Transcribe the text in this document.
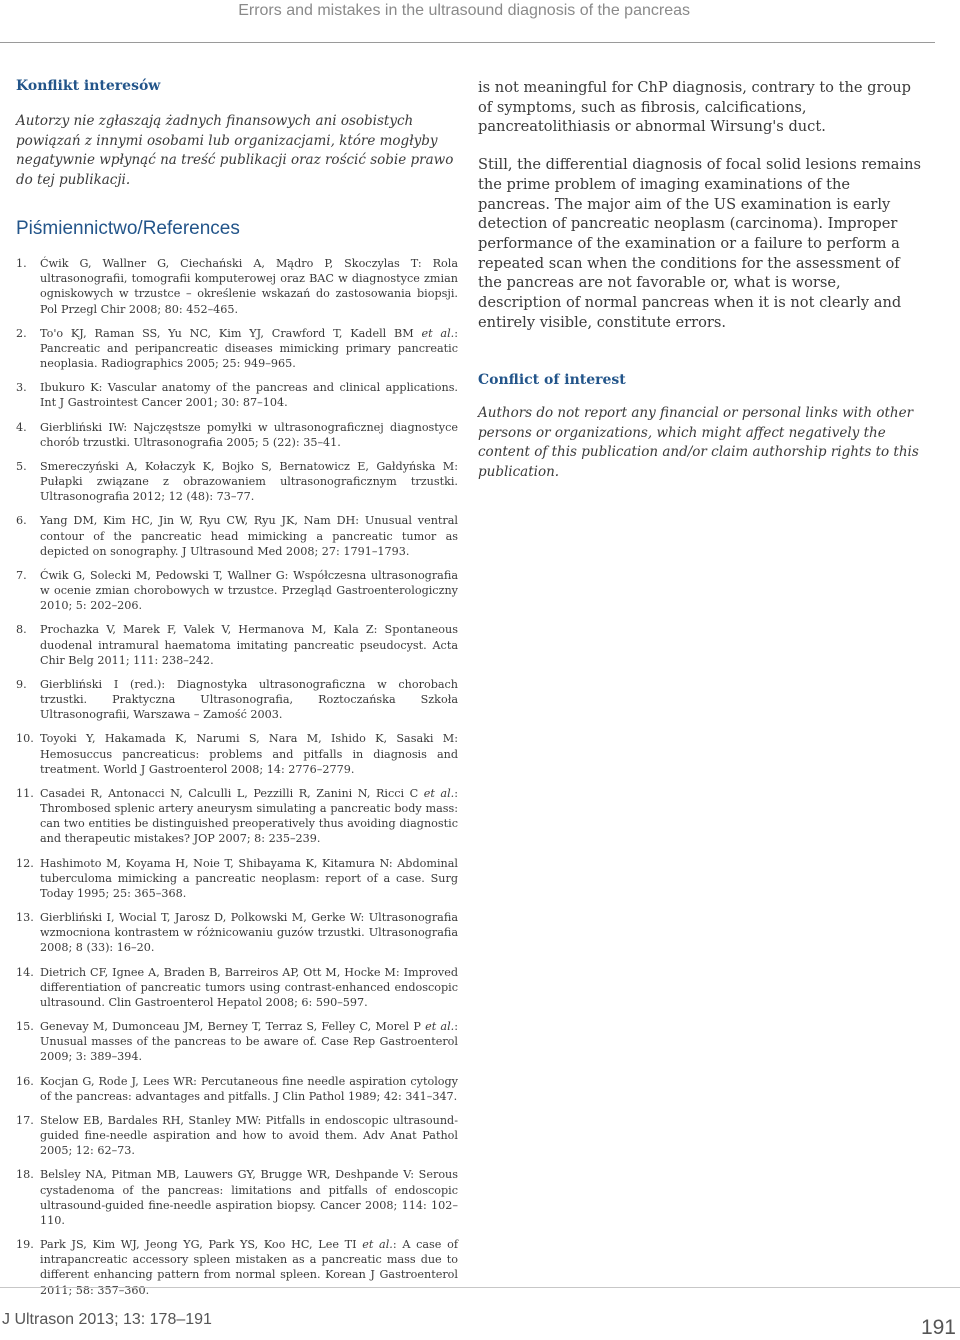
Errors and mistakes in the ultrasound diagnosis of the pancreas
Konflikt interesów

Autorzy nie zgłaszają żadnych finansowych ani osobistych powiązań z innymi osobami lub organizacjami, które mogłyby negatywnie wpłynąć na treść publikacji oraz rościć sobie prawo do tej publikacji.

Piśmiennictwo/References
1. Ćwik G, Wallner G, Ciechański A, Mądro P, Skoczylas T: Rola ultrasonografii, tomografii komputerowej oraz BAC w diagnostyce zmian ogniskowych w trzustce – określenie wskazań do zastosowania biopsji. Pol Przegl Chir 2008; 80: 452–465.
2. To'o KJ, Raman SS, Yu NC, Kim YJ, Crawford T, Kadell BM et al.: Pancreatic and peripancreatic diseases mimicking primary pancreatic neoplasia. Radiographics 2005; 25: 949–965.
3. Ibukuro K: Vascular anatomy of the pancreas and clinical applications. Int J Gastrointest Cancer 2001; 30: 87–104.
4. Gierbliński IW: Najczęstsze pomyłki w ultrasonograficznej diagnostyce chorób trzustki. Ultrasonografia 2005; 5 (22): 35–41.
5. Smereczyński A, Kołaczyk K, Bojko S, Bernatowicz E, Gałdyńska M: Pułapki związane z obrazowaniem ultrasonograficznym trzustki. Ultrasonografia 2012; 12 (48): 73–77.
6. Yang DM, Kim HC, Jin W, Ryu CW, Ryu JK, Nam DH: Unusual ventral contour of the pancreatic head mimicking a pancreatic tumor as depicted on sonography. J Ultrasound Med 2008; 27: 1791–1793.
7. Ćwik G, Solecki M, Pedowski T, Wallner G: Współczesna ultrasonografia w ocenie zmian chorobowych w trzustce. Przegląd Gastroenterologiczny 2010; 5: 202–206.
8. Prochazka V, Marek F, Valek V, Hermanova M, Kala Z: Spontaneous duodenal intramural haematoma imitating pancreatic pseudocyst. Acta Chir Belg 2011; 111: 238–242.
9. Gierbliński I (red.): Diagnostyka ultrasonograficzna w chorobach trzustki. Praktyczna Ultrasonografia, Roztoczańska Szkoła Ultrasonografii, Warszawa – Zamość 2003.
10. Toyoki Y, Hakamada K, Narumi S, Nara M, Ishido K, Sasaki M: Hemosuccus pancreaticus: problems and pitfalls in diagnosis and treatment. World J Gastroenterol 2008; 14: 2776–2779.
11. Casadei R, Antonacci N, Calculli L, Pezzilli R, Zanini N, Ricci C et al.: Thrombosed splenic artery aneurysm simulating a pancreatic body mass: can two entities be distinguished preoperatively thus avoiding diagnostic and therapeutic mistakes? JOP 2007; 8: 235–239.
12. Hashimoto M, Koyama H, Noie T, Shibayama K, Kitamura N: Abdominal tuberculoma mimicking a pancreatic neoplasm: report of a case. Surg Today 1995; 25: 365–368.
13. Gierbliński I, Wocial T, Jarosz D, Polkowski M, Gerke W: Ultrasonografia wzmocniona kontrastem w różnicowaniu guzów trzustki. Ultrasonografia 2008; 8 (33): 16–20.
14. Dietrich CF, Ignee A, Braden B, Barreiros AP, Ott M, Hocke M: Improved differentiation of pancreatic tumors using contrast-enhanced endoscopic ultrasound. Clin Gastroenterol Hepatol 2008; 6: 590–597.
15. Genevay M, Dumonceau JM, Berney T, Terraz S, Felley C, Morel P et al.: Unusual masses of the pancreas to be aware of. Case Rep Gastroenterol 2009; 3: 389–394.
16. Kocjan G, Rode J, Lees WR: Percutaneous fine needle aspiration cytology of the pancreas: advantages and pitfalls. J Clin Pathol 1989; 42: 341–347.
17. Stelow EB, Bardales RH, Stanley MW: Pitfalls in endoscopic ultrasound-guided fine-needle aspiration and how to avoid them. Adv Anat Pathol 2005; 12: 62–73.
18. Belsley NA, Pitman MB, Lauwers GY, Brugge WR, Deshpande V: Serous cystadenoma of the pancreas: limitations and pitfalls of endoscopic ultrasound-guided fine-needle aspiration biopsy. Cancer 2008; 114: 102–110.
19. Park JS, Kim WJ, Jeong YG, Park YS, Koo HC, Lee TI et al.: A case of intrapancreatic accessory spleen mistaken as a pancreatic mass due to different enhancing pattern from normal spleen. Korean J Gastroenterol 2011; 58: 357–360.

is not meaningful for ChP diagnosis, contrary to the group of symptoms, such as fibrosis, calcifications, pancreatolithiasis or abnormal Wirsung's duct.

Still, the differential diagnosis of focal solid lesions remains the prime problem of imaging examinations of the pancreas. The major aim of the US examination is early detection of pancreatic neoplasm (carcinoma). Improper performance of the examination or a failure to perform a repeated scan when the conditions for the assessment of the pancreas are not favorable or, what is worse, description of normal pancreas when it is not clearly and entirely visible, constitute errors.

Conflict of interest

Authors do not report any financial or personal links with other persons or organizations, which might affect negatively the content of this publication and/or claim authorship rights to this publication.

J Ultrason 2013; 13: 178–191	191
